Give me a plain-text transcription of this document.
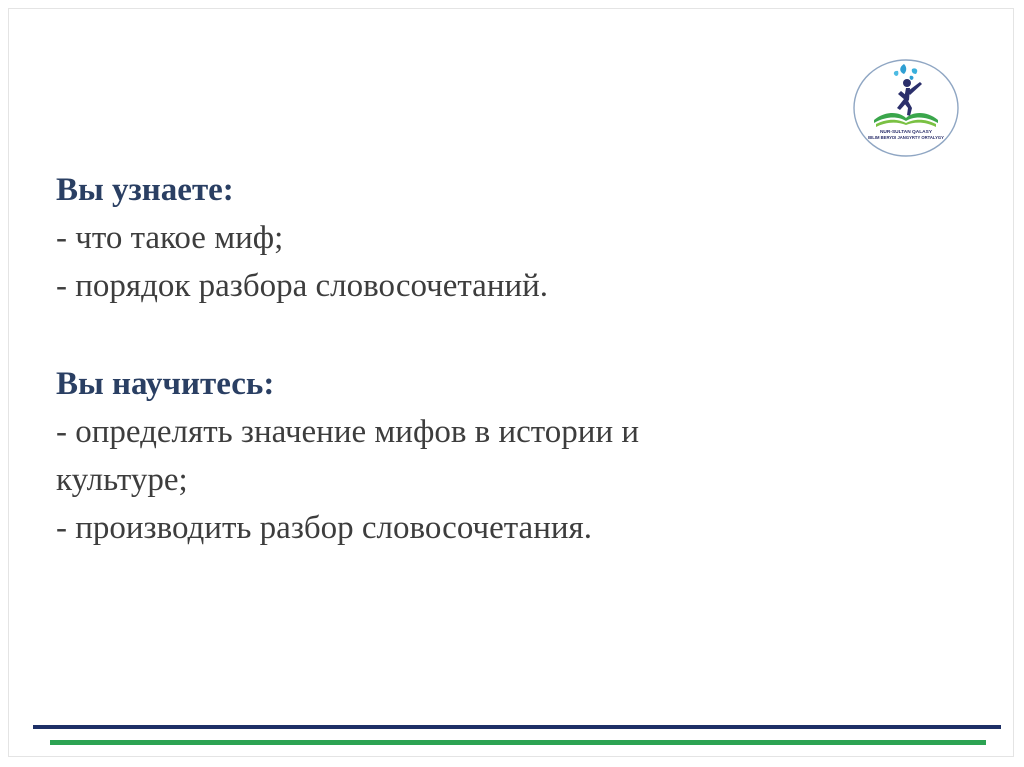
NUR-SULTAN QALASY
BILIM BERYDI JANGYRTY ORTALYGY

Вы узнаете:

- что такое миф;

- порядок разбора словосочетаний.

Вы научитесь:

- определять значение мифов в истории и

культуре;

- производить разбор словосочетания.
